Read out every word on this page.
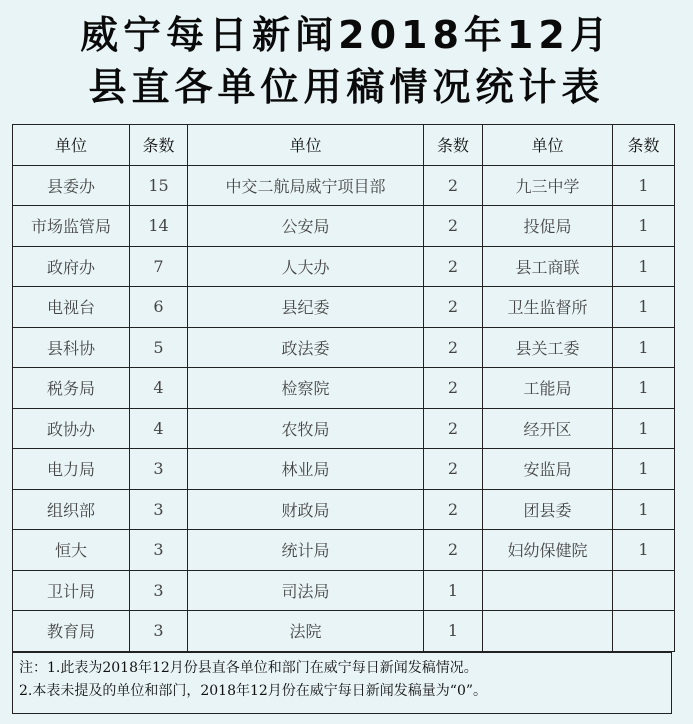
威宁每日新闻2018年12月
县直各单位用稿情况统计表
单位	条数	单位	条数	单位	条数
县委办	15	中交二航局威宁项目部	2	九三中学	1
市场监管局	14	公安局	2	投促局	1
政府办	7	人大办	2	县工商联	1
电视台	6	县纪委	2	卫生监督所	1
县科协	5	政法委	2	县关工委	1
税务局	4	检察院	2	工能局	1
政协办	4	农牧局	2	经开区	1
电力局	3	林业局	2	安监局	1
组织部	3	财政局	2	团县委	1
恒大	3	统计局	2	妇幼保健院	1
卫计局	3	司法局	1		
教育局	3	法院	1		
注：1.此表为2018年12月份县直各单位和部门在威宁每日新闻发稿情况。
2.本表未提及的单位和部门，2018年12月份在威宁每日新闻发稿量为“0”。
